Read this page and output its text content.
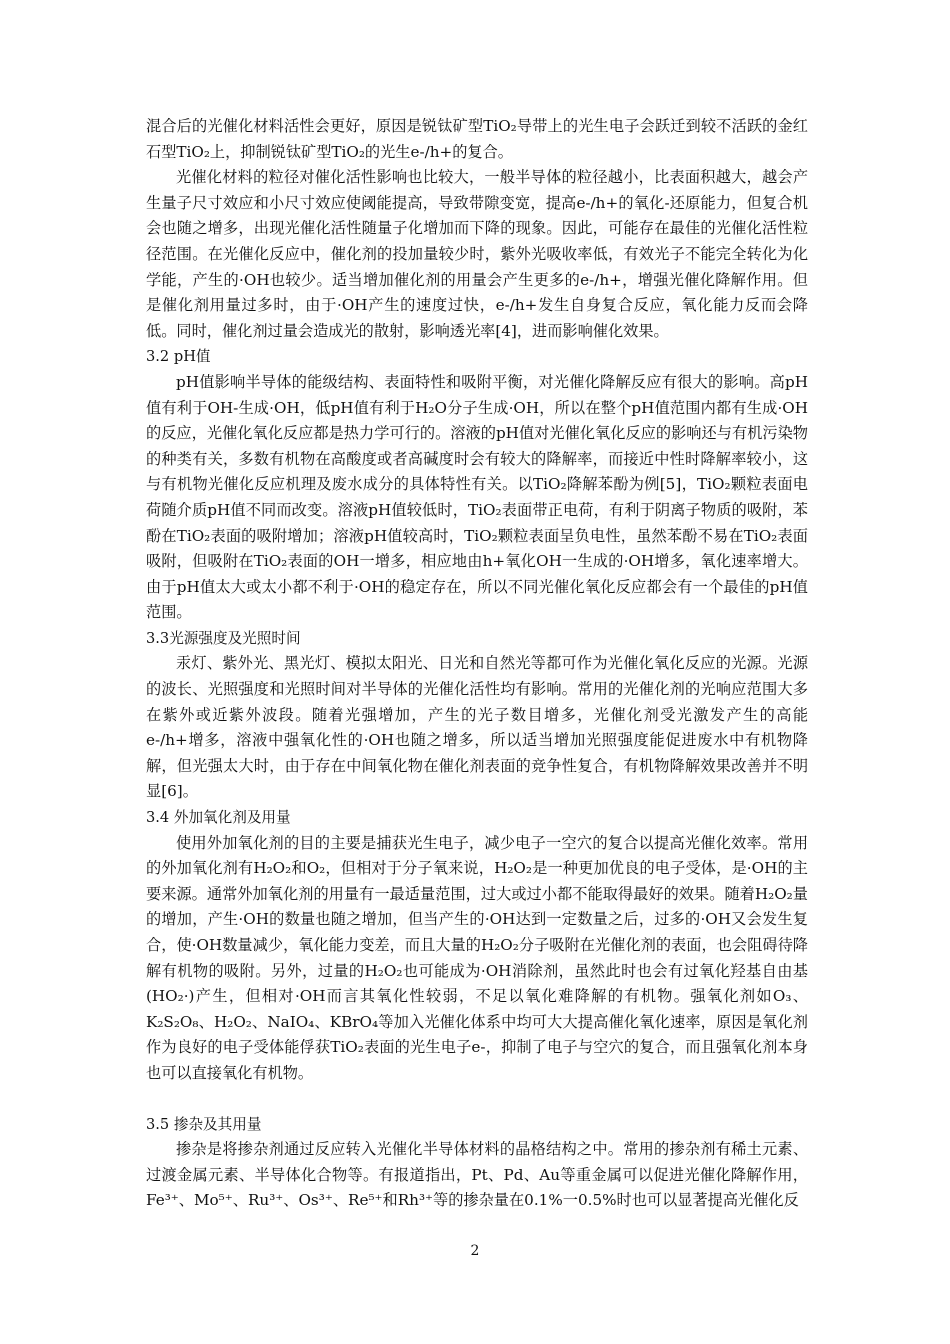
混合后的光催化材料活性会更好，原因是锐钛矿型TiO₂导带上的光生电子会跃迁到较不活跃的金红石型TiO₂上，抑制锐钛矿型TiO₂的光生e-/h+的复合。

光催化材料的粒径对催化活性影响也比较大，一般半导体的粒径越小，比表面积越大，越会产生量子尺寸效应和小尺寸效应使阈能提高，导致带隙变宽，提高e-/h+的氧化-还原能力，但复合机会也随之增多，出现光催化活性随量子化增加而下降的现象。因此，可能存在最佳的光催化活性粒径范围。在光催化反应中，催化剂的投加量较少时，紫外光吸收率低，有效光子不能完全转化为化学能，产生的·OH也较少。适当增加催化剂的用量会产生更多的e-/h+，增强光催化降解作用。但是催化剂用量过多时，由于·OH产生的速度过快，e-/h+发生自身复合反应，氧化能力反而会降低。同时，催化剂过量会造成光的散射，影响透光率[4]，进而影响催化效果。

3.2 pH值

pH值影响半导体的能级结构、表面特性和吸附平衡，对光催化降解反应有很大的影响。高pH值有利于OH-生成·OH，低pH值有利于H₂O分子生成·OH，所以在整个pH值范围内都有生成·OH的反应，光催化氧化反应都是热力学可行的。溶液的pH值对光催化氧化反应的影响还与有机污染物的种类有关，多数有机物在高酸度或者高碱度时会有较大的降解率，而接近中性时降解率较小，这与有机物光催化反应机理及废水成分的具体特性有关。以TiO₂降解苯酚为例[5]，TiO₂颗粒表面电荷随介质pH值不同而改变。溶液pH值较低时，TiO₂表面带正电荷，有利于阴离子物质的吸附，苯酚在TiO₂表面的吸附增加；溶液pH值较高时，TiO₂颗粒表面呈负电性，虽然苯酚不易在TiO₂表面吸附，但吸附在TiO₂表面的OH一增多，相应地由h+氧化OH一生成的·OH增多，氧化速率增大。由于pH值太大或太小都不利于·OH的稳定存在，所以不同光催化氧化反应都会有一个最佳的pH值范围。

3.3光源强度及光照时间

汞灯、紫外光、黑光灯、模拟太阳光、日光和自然光等都可作为光催化氧化反应的光源。光源的波长、光照强度和光照时间对半导体的光催化活性均有影响。常用的光催化剂的光响应范围大多在紫外或近紫外波段。随着光强增加，产生的光子数目增多，光催化剂受光激发产生的高能e-/h+增多，溶液中强氧化性的·OH也随之增多，所以适当增加光照强度能促进废水中有机物降解，但光强太大时，由于存在中间氧化物在催化剂表面的竞争性复合，有机物降解效果改善并不明显[6]。

3.4 外加氧化剂及用量

使用外加氧化剂的目的主要是捕获光生电子，减少电子一空穴的复合以提高光催化效率。常用的外加氧化剂有H₂O₂和O₂，但相对于分子氧来说，H₂O₂是一种更加优良的电子受体，是·OH的主要来源。通常外加氧化剂的用量有一最适量范围，过大或过小都不能取得最好的效果。随着H₂O₂量的增加，产生·OH的数量也随之增加，但当产生的·OH达到一定数量之后，过多的·OH又会发生复合，使·OH数量减少，氧化能力变差，而且大量的H₂O₂分子吸附在光催化剂的表面，也会阻碍待降解有机物的吸附。另外，过量的H₂O₂也可能成为·OH消除剂，虽然此时也会有过氧化羟基自由基(HO₂·)产生，但相对·OH而言其氧化性较弱，不足以氧化难降解的有机物。强氧化剂如O₃、K₂S₂O₈、H₂O₂、NaIO₄、KBrO₄等加入光催化体系中均可大大提高催化氧化速率，原因是氧化剂作为良好的电子受体能俘获TiO₂表面的光生电子e-，抑制了电子与空穴的复合，而且强氧化剂本身也可以直接氧化有机物。

3.5 掺杂及其用量

掺杂是将掺杂剂通过反应转入光催化半导体材料的晶格结构之中。常用的掺杂剂有稀土元素、过渡金属元素、半导体化合物等。有报道指出，Pt、Pd、Au等重金属可以促进光催化降解作用，Fe³⁺、Mo⁵⁺、Ru³⁺、Os³⁺、Re⁵⁺和Rh³⁺等的掺杂量在0.1%一0.5%时也可以显著提高光催化反

2
